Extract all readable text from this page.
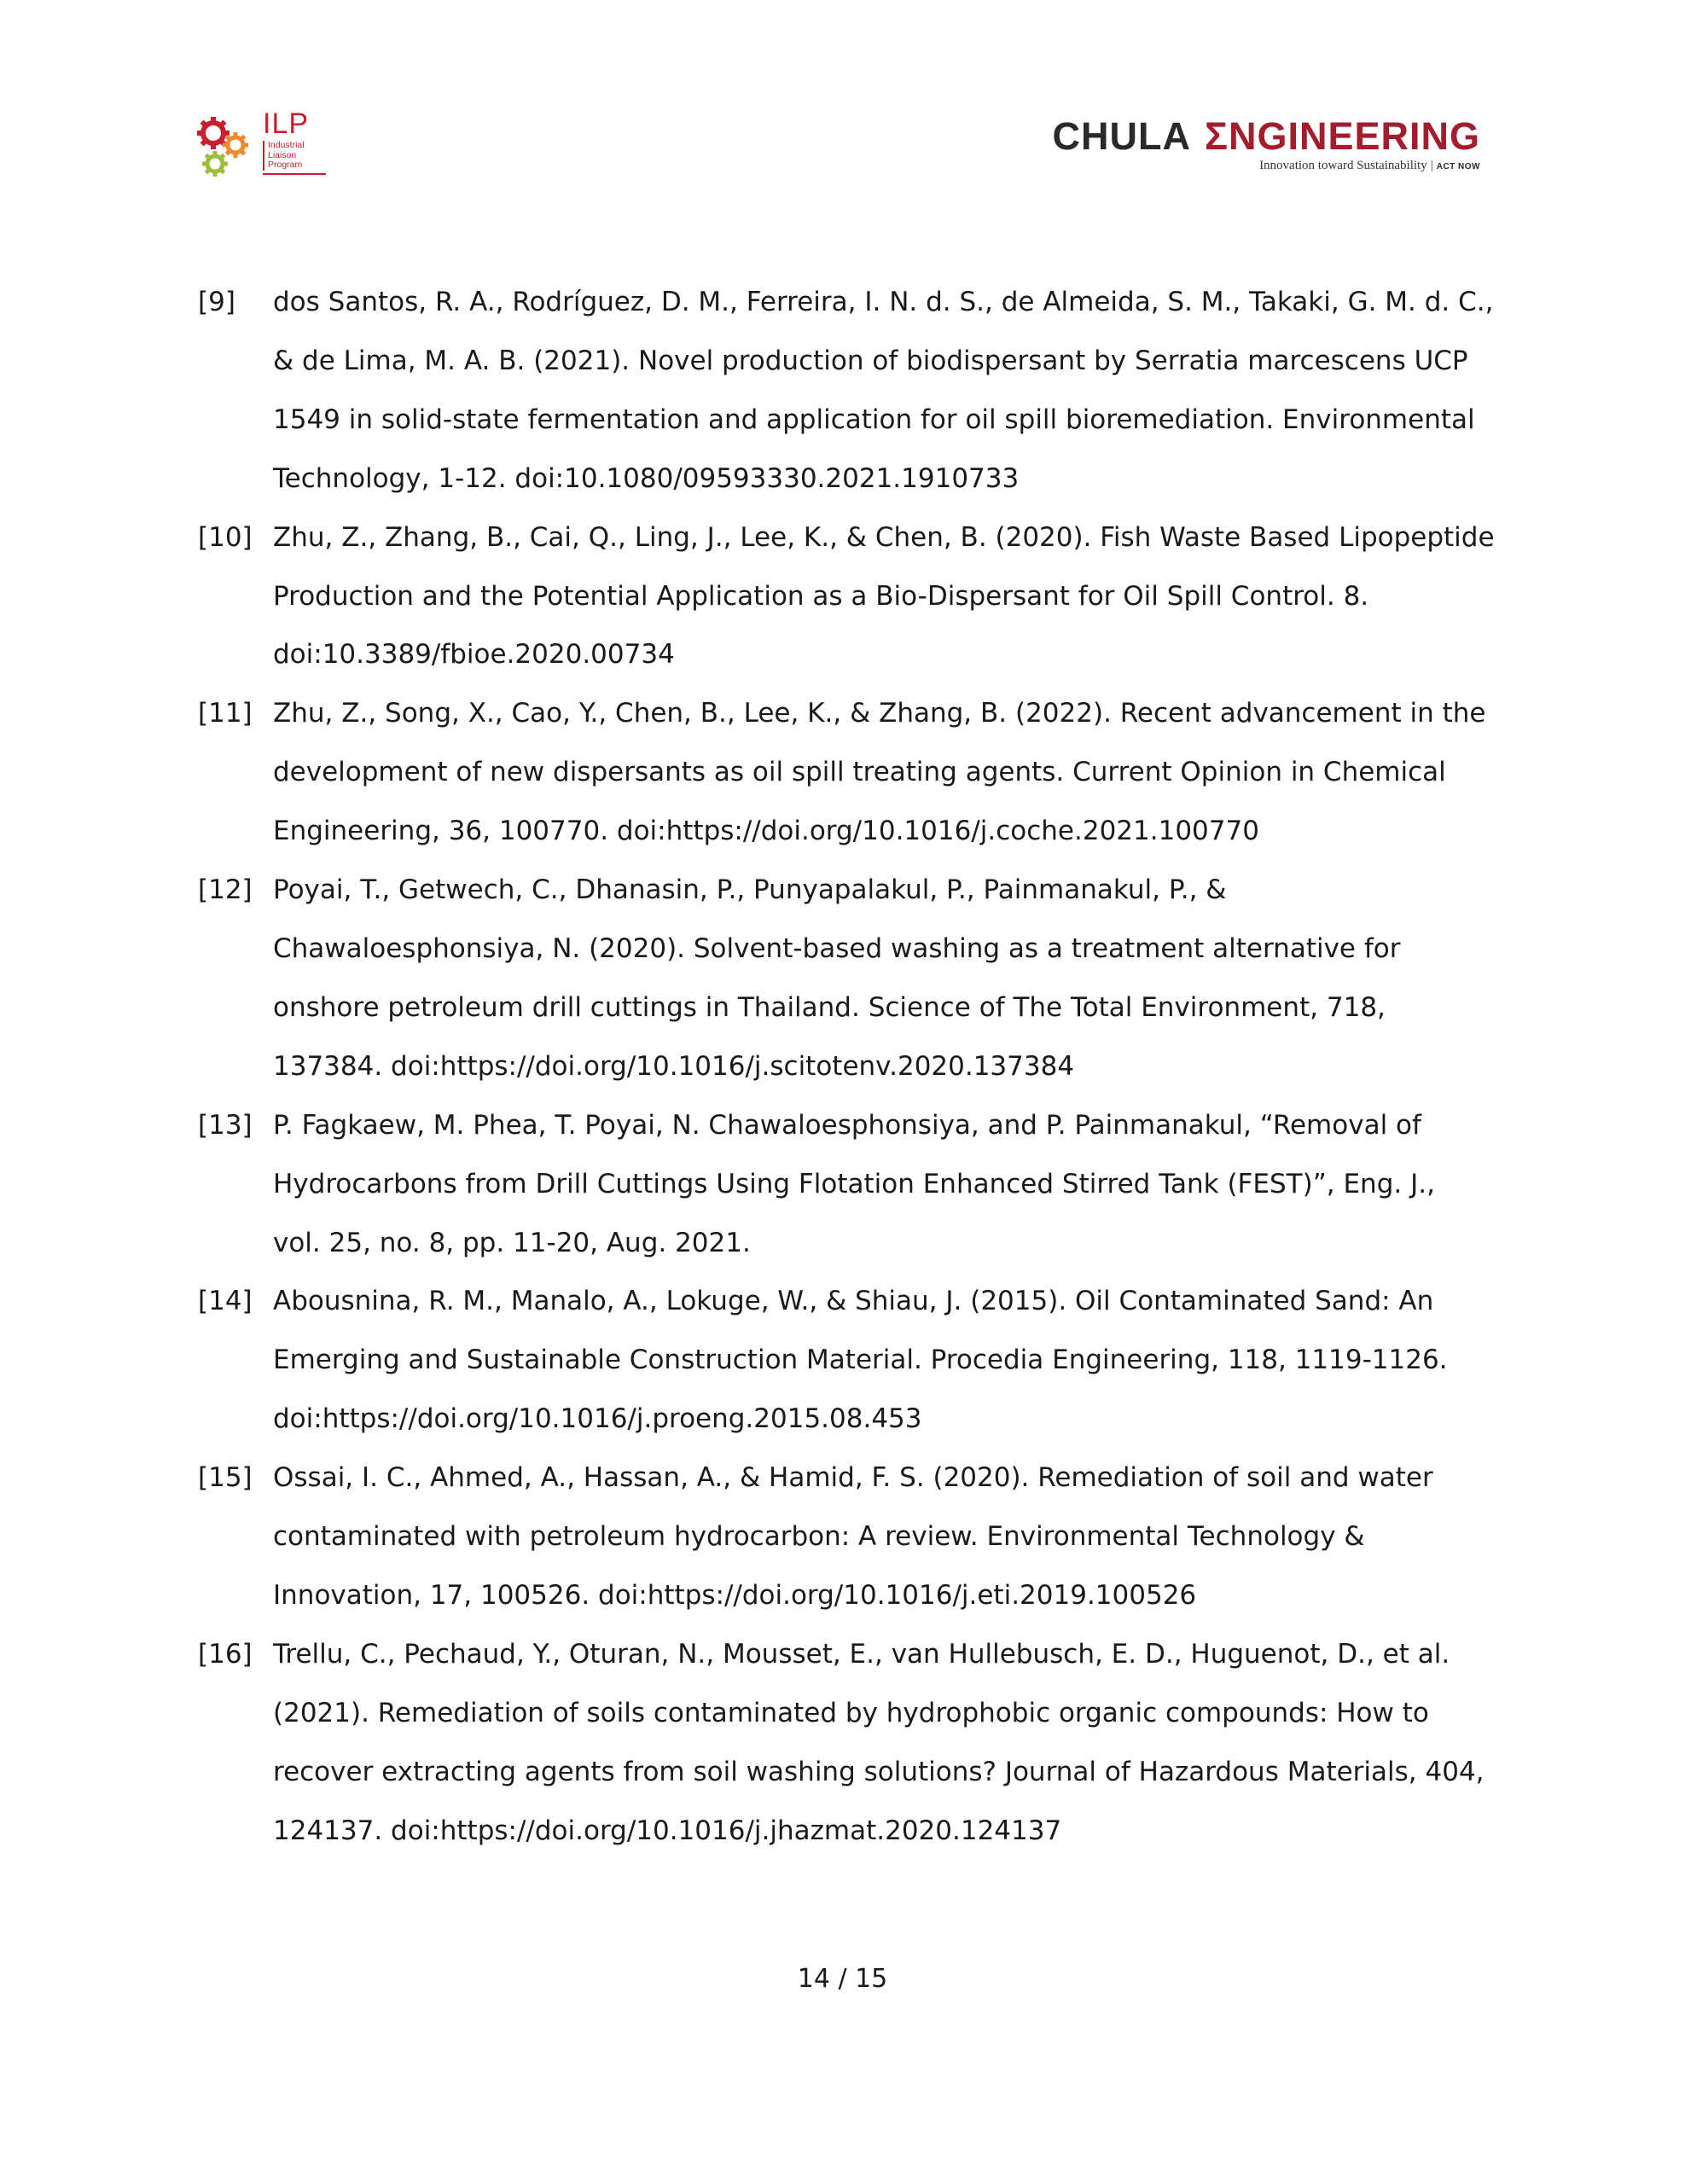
ILP
Industrial
Liaison
Program
CHULA ΣNGINEERING
Innovation toward Sustainability | ACT NOW
[9]	dos Santos, R. A., Rodríguez, D. M., Ferreira, I. N. d. S., de Almeida, S. M., Takaki, G. M. d. C.,
& de Lima, M. A. B. (2021). Novel production of biodispersant by Serratia marcescens UCP
1549 in solid-state fermentation and application for oil spill bioremediation. Environmental
Technology, 1-12. doi:10.1080/09593330.2021.1910733
[10] Zhu, Z., Zhang, B., Cai, Q., Ling, J., Lee, K., & Chen, B. (2020). Fish Waste Based Lipopeptide
Production and the Potential Application as a Bio-Dispersant for Oil Spill Control. 8.
doi:10.3389/fbioe.2020.00734
[11] Zhu, Z., Song, X., Cao, Y., Chen, B., Lee, K., & Zhang, B. (2022). Recent advancement in the
development of new dispersants as oil spill treating agents. Current Opinion in Chemical
Engineering, 36, 100770. doi:https://doi.org/10.1016/j.coche.2021.100770
[12] Poyai, T., Getwech, C., Dhanasin, P., Punyapalakul, P., Painmanakul, P., &
Chawaloesphonsiya, N. (2020). Solvent-based washing as a treatment alternative for
onshore petroleum drill cuttings in Thailand. Science of The Total Environment, 718,
137384. doi:https://doi.org/10.1016/j.scitotenv.2020.137384
[13] P. Fagkaew, M. Phea, T. Poyai, N. Chawaloesphonsiya, and P. Painmanakul, “Removal of
Hydrocarbons from Drill Cuttings Using Flotation Enhanced Stirred Tank (FEST)”, Eng. J.,
vol. 25, no. 8, pp. 11-20, Aug. 2021.
[14] Abousnina, R. M., Manalo, A., Lokuge, W., & Shiau, J. (2015). Oil Contaminated Sand: An
Emerging and Sustainable Construction Material. Procedia Engineering, 118, 1119-1126.
doi:https://doi.org/10.1016/j.proeng.2015.08.453
[15] Ossai, I. C., Ahmed, A., Hassan, A., & Hamid, F. S. (2020). Remediation of soil and water
contaminated with petroleum hydrocarbon: A review. Environmental Technology &
Innovation, 17, 100526. doi:https://doi.org/10.1016/j.eti.2019.100526
[16] Trellu, C., Pechaud, Y., Oturan, N., Mousset, E., van Hullebusch, E. D., Huguenot, D., et al.
(2021). Remediation of soils contaminated by hydrophobic organic compounds: How to
recover extracting agents from soil washing solutions? Journal of Hazardous Materials, 404,
124137. doi:https://doi.org/10.1016/j.jhazmat.2020.124137
14 / 15
